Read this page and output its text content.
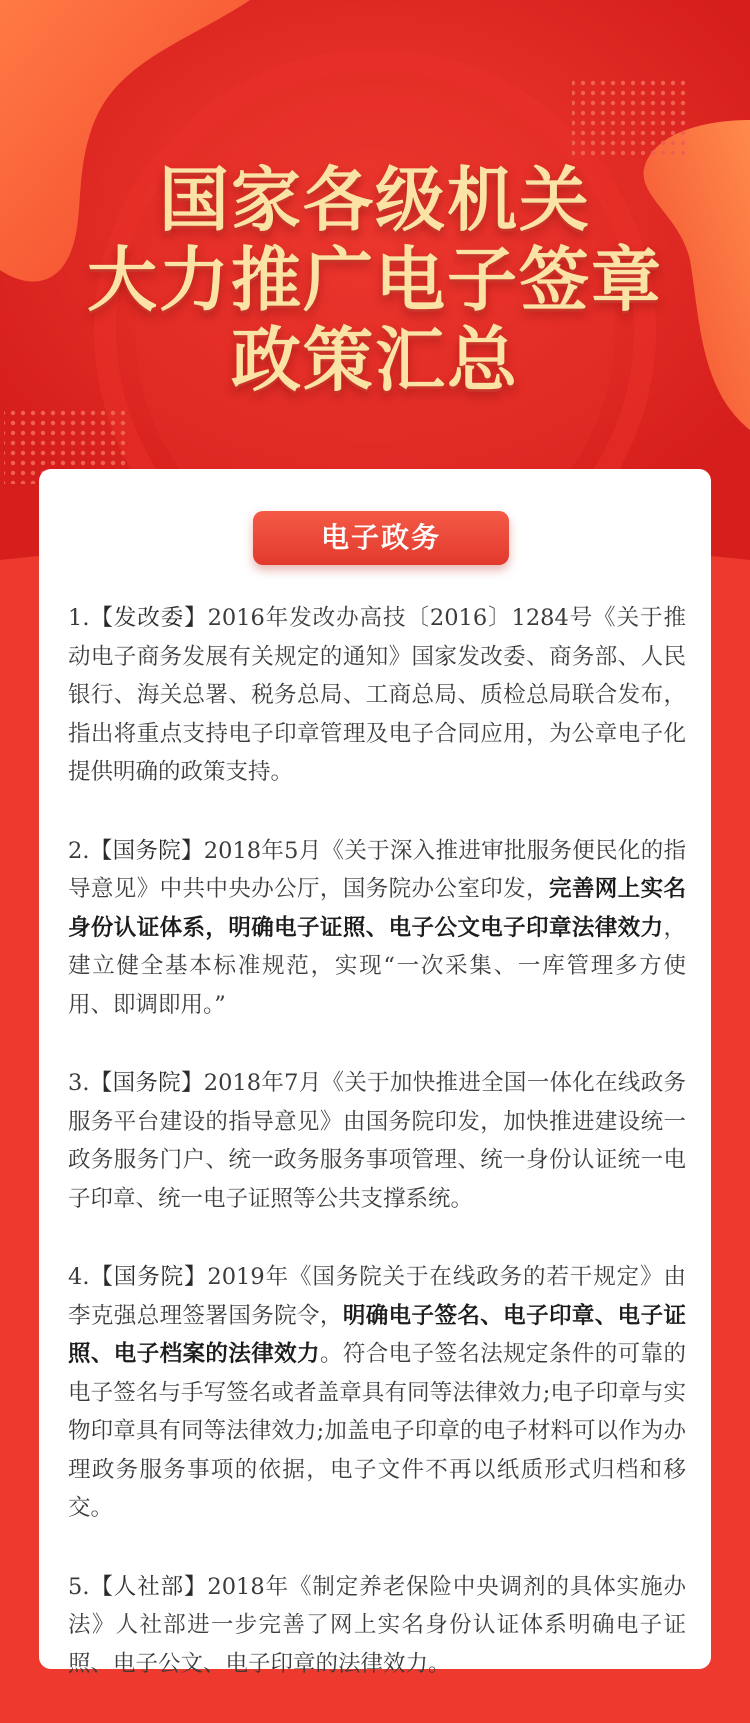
国家各级机关
大力推广电子签章
政策汇总
电子政务

1.【发改委】2016年发改办高技〔2016〕1284号《关于推动电子商务发展有关规定的通知》国家发改委、商务部、人民银行、海关总署、税务总局、工商总局、质检总局联合发布，指出将重点支持电子印章管理及电子合同应用，为公章电子化提供明确的政策支持。

2.【国务院】2018年5月《关于深入推进审批服务便民化的指导意见》中共中央办公厅，国务院办公室印发，完善网上实名身份认证体系，明确电子证照、电子公文电子印章法律效力，建立健全基本标准规范，实现“一次采集、一库管理多方使用、即调即用。”

3.【国务院】2018年7月《关于加快推进全国一体化在线政务服务平台建设的指导意见》由国务院印发，加快推进建设统一政务服务门户、统一政务服务事项管理、统一身份认证统一电子印章、统一电子证照等公共支撑系统。

4.【国务院】2019年《国务院关于在线政务的若干规定》由李克强总理签署国务院令，明确电子签名、电子印章、电子证照、电子档案的法律效力。符合电子签名法规定条件的可靠的电子签名与手写签名或者盖章具有同等法律效力;电子印章与实物印章具有同等法律效力;加盖电子印章的电子材料可以作为办理政务服务事项的依据，电子文件不再以纸质形式归档和移交。

5.【人社部】2018年《制定养老保险中央调剂的具体实施办法》人社部进一步完善了网上实名身份认证体系明确电子证照、电子公文、电子印章的法律效力。
